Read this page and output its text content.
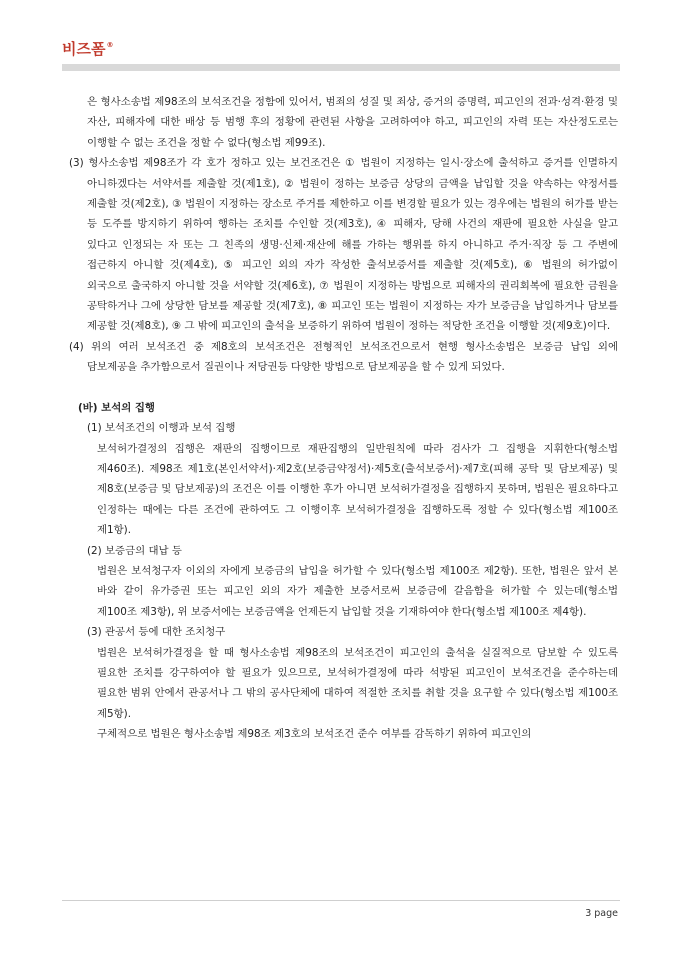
비즈폼®

은 형사소송법 제98조의 보석조건을 정함에 있어서, 범죄의 성질 및 죄상, 증거의 증명력, 피고인의 전과·성격·환경 및 자산, 피해자에 대한 배상 등 범행 후의 정황에 관련된 사항을 고려하여야 하고, 피고인의 자력 또는 자산정도로는 이행할 수 없는 조건을 정할 수 없다(형소법 제99조).

(3) 형사소송법 제98조가 각 호가 정하고 있는 보건조건은 ① 법원이 지정하는 일시·장소에 출석하고 증거를 인멸하지 아니하겠다는 서약서를 제출할 것(제1호), ② 법원이 정하는 보증금 상당의 금액을 납입할 것을 약속하는 약정서를 제출할 것(제2호), ③ 법원이 지정하는 장소로 주거를 제한하고 이를 변경할 필요가 있는 경우에는 법원의 허가를 받는 등 도주를 방지하기 위하여 행하는 조치를 수인할 것(제3호), ④ 피해자, 당해 사건의 재판에 필요한 사실을 알고 있다고 인정되는 자 또는 그 친족의 생명·신체·재산에 해를 가하는 행위를 하지 아니하고 주거·직장 등 그 주변에 접근하지 아니할 것(제4호), ⑤ 피고인 외의 자가 작성한 출석보증서를 제출할 것(제5호), ⑥ 법원의 허가없이 외국으로 출국하지 아니할 것을 서약할 것(제6호), ⑦ 법원이 지정하는 방법으로 피해자의 권리회복에 필요한 금원을 공탁하거나 그에 상당한 담보를 제공할 것(제7호), ⑧ 피고인 또는 법원이 지정하는 자가 보증금을 납입하거나 담보를 제공할 것(제8호), ⑨ 그 밖에 피고인의 출석을 보증하기 위하여 법원이 정하는 적당한 조건을 이행할 것(제9호)이다.

(4) 위의 여러 보석조건 중 제8호의 보석조건은 전형적인 보석조건으로서 현행 형사소송법은 보증금 납입 외에 담보제공을 추가함으로서 질권이나 저당권등 다양한 방법으로 담보제공을 할 수 있게 되었다.

(바) 보석의 집행

(1) 보석조건의 이행과 보석 집행

보석허가결정의 집행은 재판의 집행이므로 재판집행의 일반원칙에 따라 검사가 그 집행을 지휘한다(형소법 제460조). 제98조 제1호(본인서약서)·제2호(보증금약정서)·제5호(출석보증서)·제7호(피해 공탁 및 담보제공) 및 제8호(보증금 및 담보제공)의 조건은 이를 이행한 후가 아니면 보석허가결정을 집행하지 못하며, 법원은 필요하다고 인정하는 때에는 다른 조건에 관하여도 그 이행이후 보석허가결정을 집행하도록 정할 수 있다(형소법 제100조 제1항).

(2) 보증금의 대납 등

법원은 보석청구자 이외의 자에게 보증금의 납입을 허가할 수 있다(형소법 제100조 제2항). 또한, 법원은 앞서 본 바와 같이 유가증권 또는 피고인 외의 자가 제출한 보증서로써 보증금에 갈음함을 허가할 수 있는데(형소법 제100조 제3항), 위 보증서에는 보증금액을 언제든지 납입할 것을 기재하여야 한다(형소법 제100조 제4항).

(3) 관공서 등에 대한 조치청구

법원은 보석허가결정을 할 때 형사소송법 제98조의 보석조건이 피고인의 출석을 실질적으로 담보할 수 있도록 필요한 조치를 강구하여야 할 필요가 있으므로, 보석허가결정에 따라 석방된 피고인이 보석조건을 준수하는데 필요한 범위 안에서 관공서나 그 밖의 공사단체에 대하여 적절한 조치를 취할 것을 요구할 수 있다(형소법 제100조 제5항).

구체적으로 법원은 형사소송법 제98조 제3호의 보석조건 준수 여부를 감독하기 위하여 피고인의

3 page
